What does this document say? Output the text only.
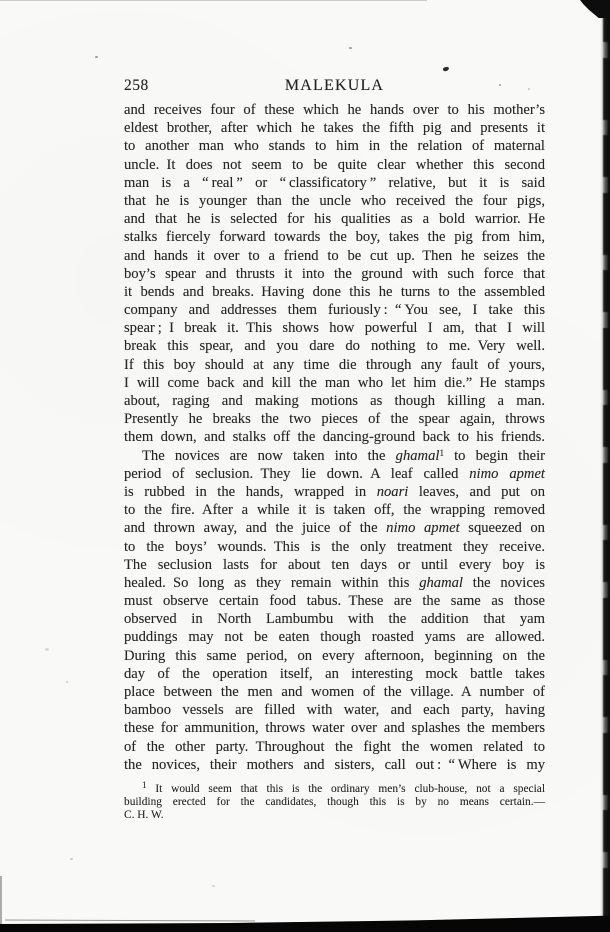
258	MALEKULA
and receives four of these which he hands over to his mother’s
eldest brother, after which he takes the fifth pig and presents it
to another man who stands to him in the relation of maternal
uncle. It does not seem to be quite clear whether this second
man is a “ real ” or “ classificatory ” relative, but it is said
that he is younger than the uncle who received the four pigs,
and that he is selected for his qualities as a bold warrior. He
stalks fiercely forward towards the boy, takes the pig from him,
and hands it over to a friend to be cut up. Then he seizes the
boy’s spear and thrusts it into the ground with such force that
it bends and breaks. Having done this he turns to the assembled
company and addresses them furiously : “ You see, I take this
spear ; I break it. This shows how powerful I am, that I will
break this spear, and you dare do nothing to me. Very well.
If this boy should at any time die through any fault of yours,
I will come back and kill the man who let him die.” He stamps
about, raging and making motions as though killing a man.
Presently he breaks the two pieces of the spear again, throws
them down, and stalks off the dancing-ground back to his friends.
The novices are now taken into the ghamal$^1$ to begin their
period of seclusion. They lie down. A leaf called nimo apmet
is rubbed in the hands, wrapped in noari leaves, and put on
to the fire. After a while it is taken off, the wrapping removed
and thrown away, and the juice of the nimo apmet squeezed on
to the boys’ wounds. This is the only treatment they receive.
The seclusion lasts for about ten days or until every boy is
healed. So long as they remain within this ghamal the novices
must observe certain food tabus. These are the same as those
observed in North Lambumbu with the addition that yam
puddings may not be eaten though roasted yams are allowed.
During this same period, on every afternoon, beginning on the
day of the operation itself, an interesting mock battle takes
place between the men and women of the village. A number of
bamboo vessels are filled with water, and each party, having
these for ammunition, throws water over and splashes the members
of the other party. Throughout the fight the women related to
the novices, their mothers and sisters, call out : “ Where is my
$^1$ It would seem that this is the ordinary men’s club-house, not a special
building erected for the candidates, though this is by no means certain.—
C. H. W.
